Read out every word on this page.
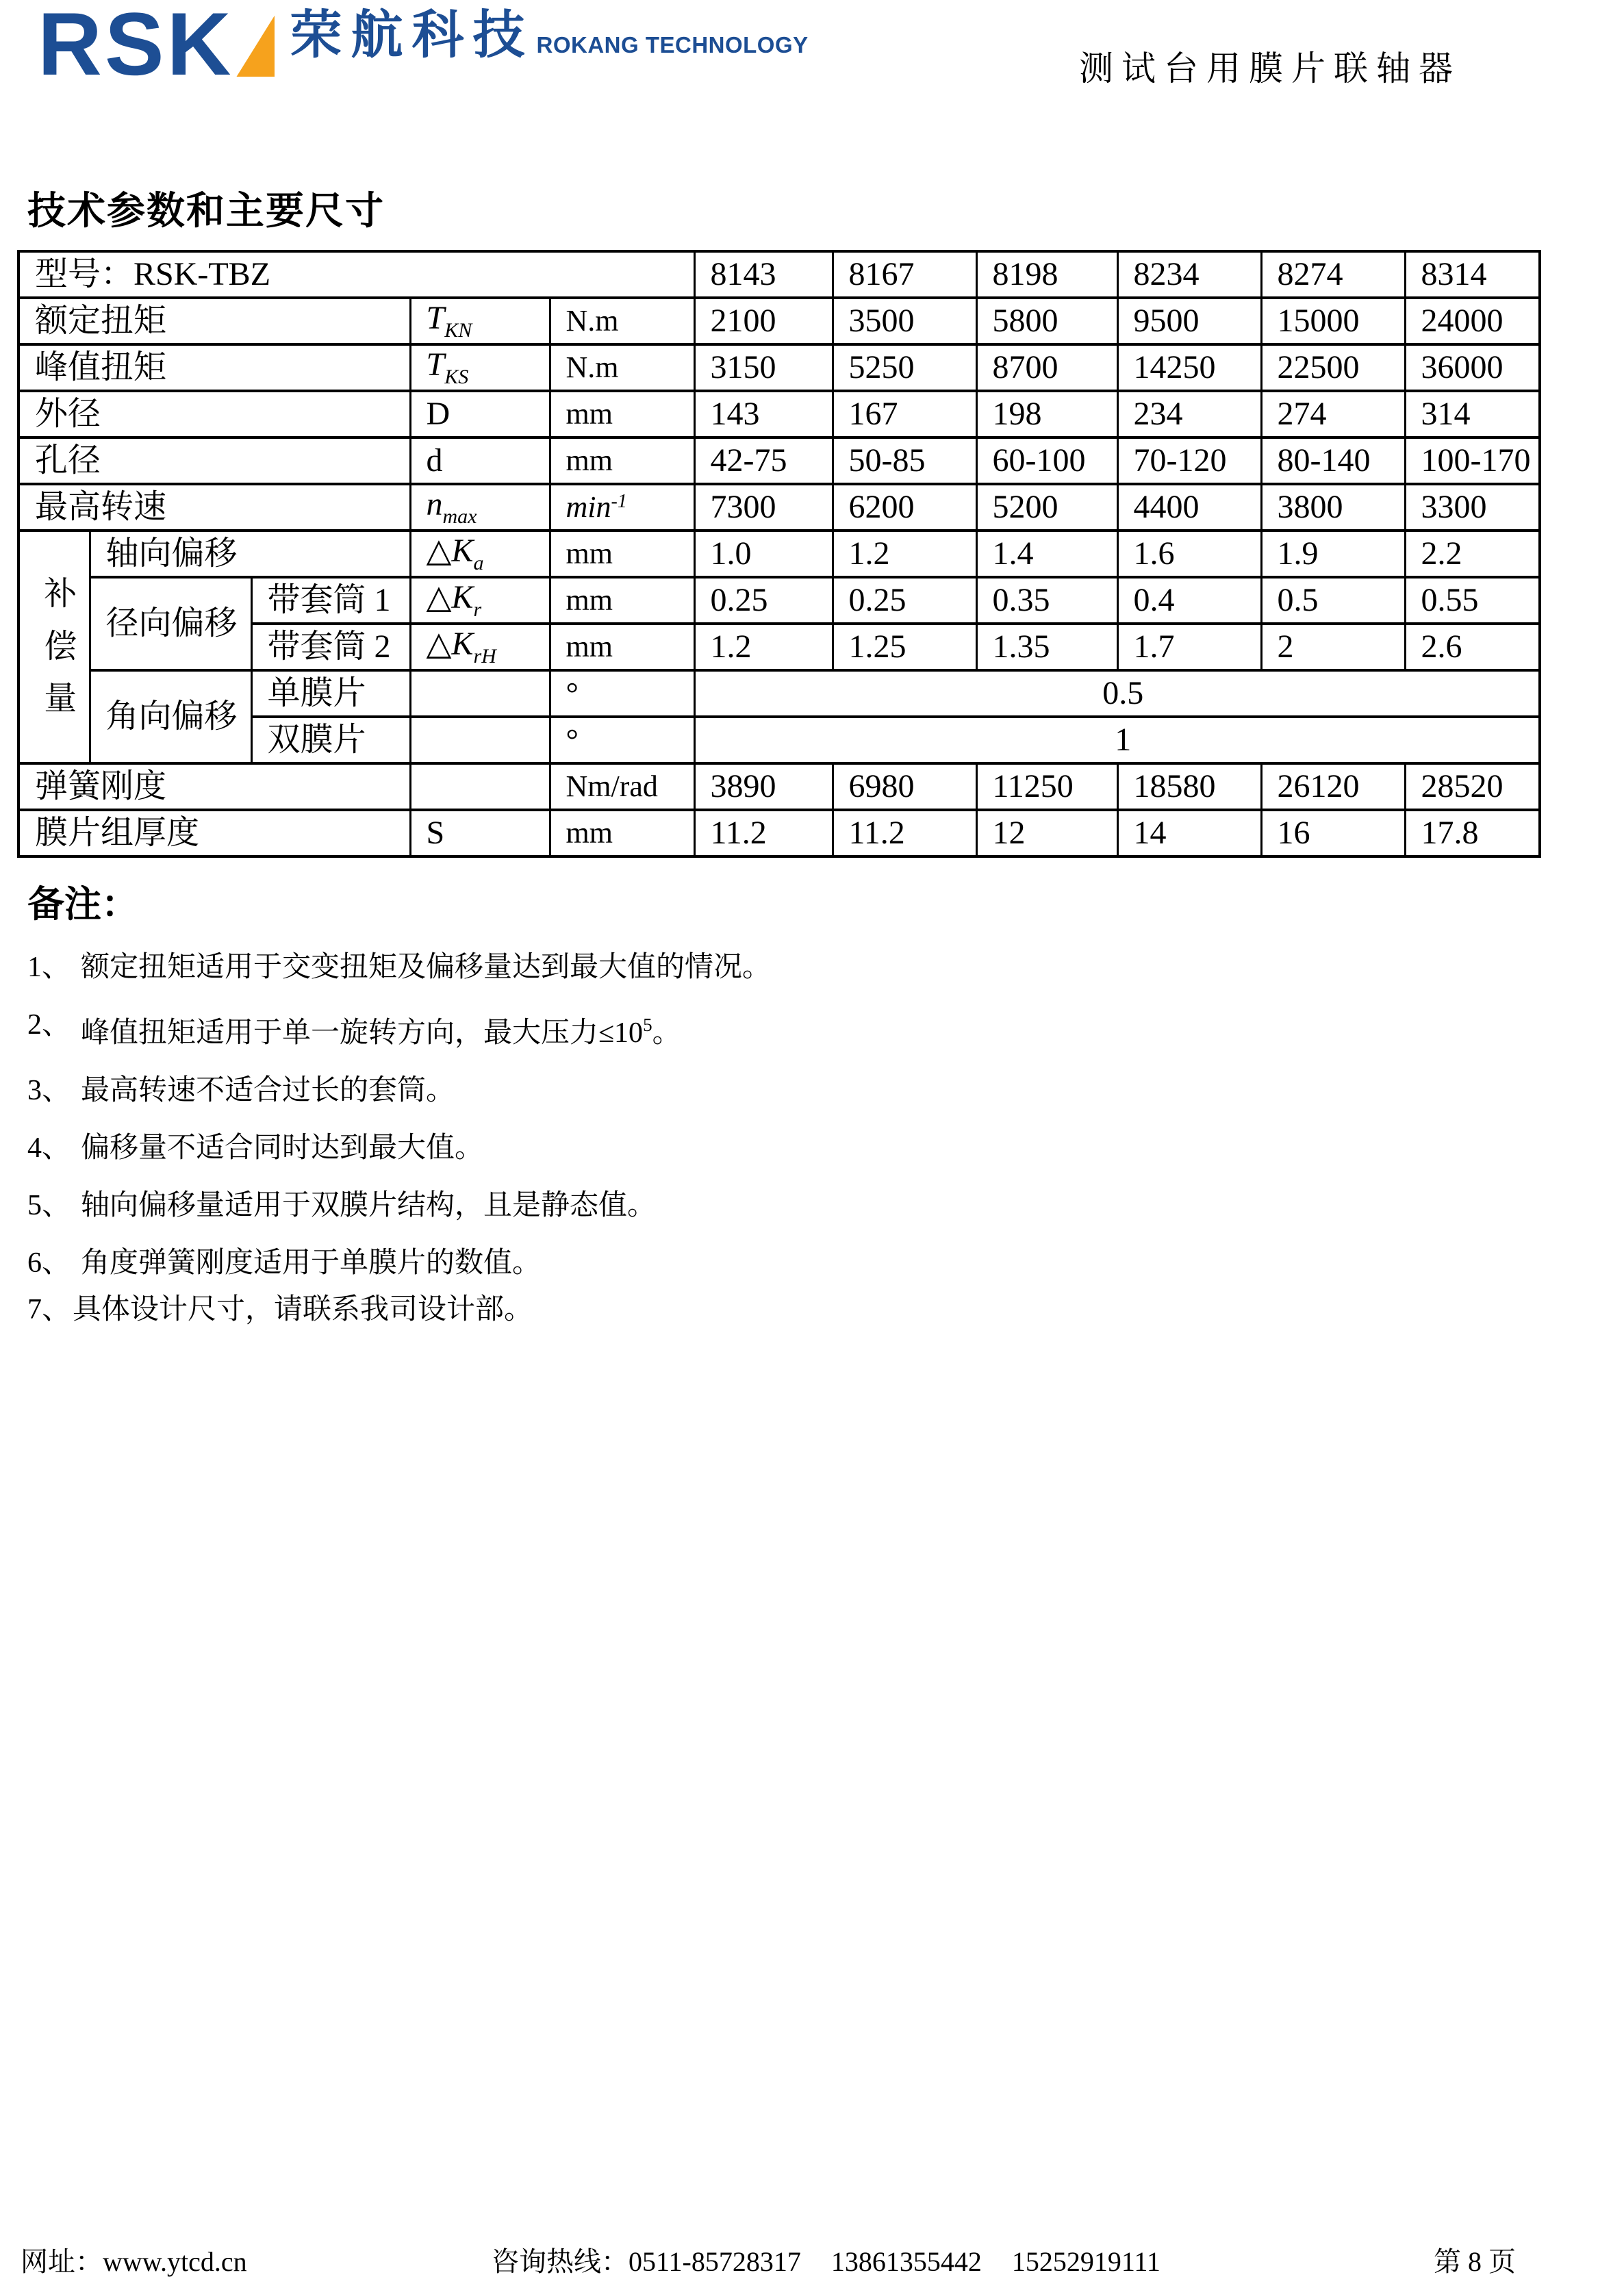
RSK 荣航科技 ROKANG TECHNOLOGY
测试台用膜片联轴器
技术参数和主要尺寸
型号：RSK-TBZ					8143	8167	8198	8234	8274	8314
额定扭矩			$T_{KN}$	N.m	2100	3500	5800	9500	15000	24000
峰值扭矩			$T_{KS}$	N.m	3150	5250	8700	14250	22500	36000
外径			D	mm	143	167	198	234	274	314
孔径			d	mm	42-75	50-85	60-100	70-120	80-140	100-170
最高转速			$n_{max}$	$\min^{-1}$	7300	6200	5200	4400	3800	3300

补
偿
量	轴向偏移		$\triangle K_a$	mm	1.0	1.2	1.4	1.6	1.9	2.2
	径向偏移	带套筒 1	$\triangle K_r$	mm	0.25	0.25	0.35	0.4	0.5	0.55
		带套筒 2	$\triangle K_{rH}$	mm	1.2	1.25	1.35	1.7	2	2.6
	角向偏移	单膜片		°	0.5					
		双膜片		°	1					
弹簧刚度				Nm/rad	3890	6980	11250	18580	26120	28520
膜片组厚度			S	mm	11.2	11.2	12	14	16	17.8
备注：
1、 额定扭矩适用于交变扭矩及偏移量达到最大值的情况。
2、 峰值扭矩适用于单一旋转方向，最大压力$\le 10^5$。
3、 最高转速不适合过长的套筒。
4、 偏移量不适合同时达到最大值。
5、 轴向偏移量适用于双膜片结构，且是静态值。
6、 角度弹簧刚度适用于单膜片的数值。
7、 具体设计尺寸，请联系我司设计部。
网址：www.ytcd.cn	咨询热线：0511-85728317 13861355442 15252919111	第 8 页
